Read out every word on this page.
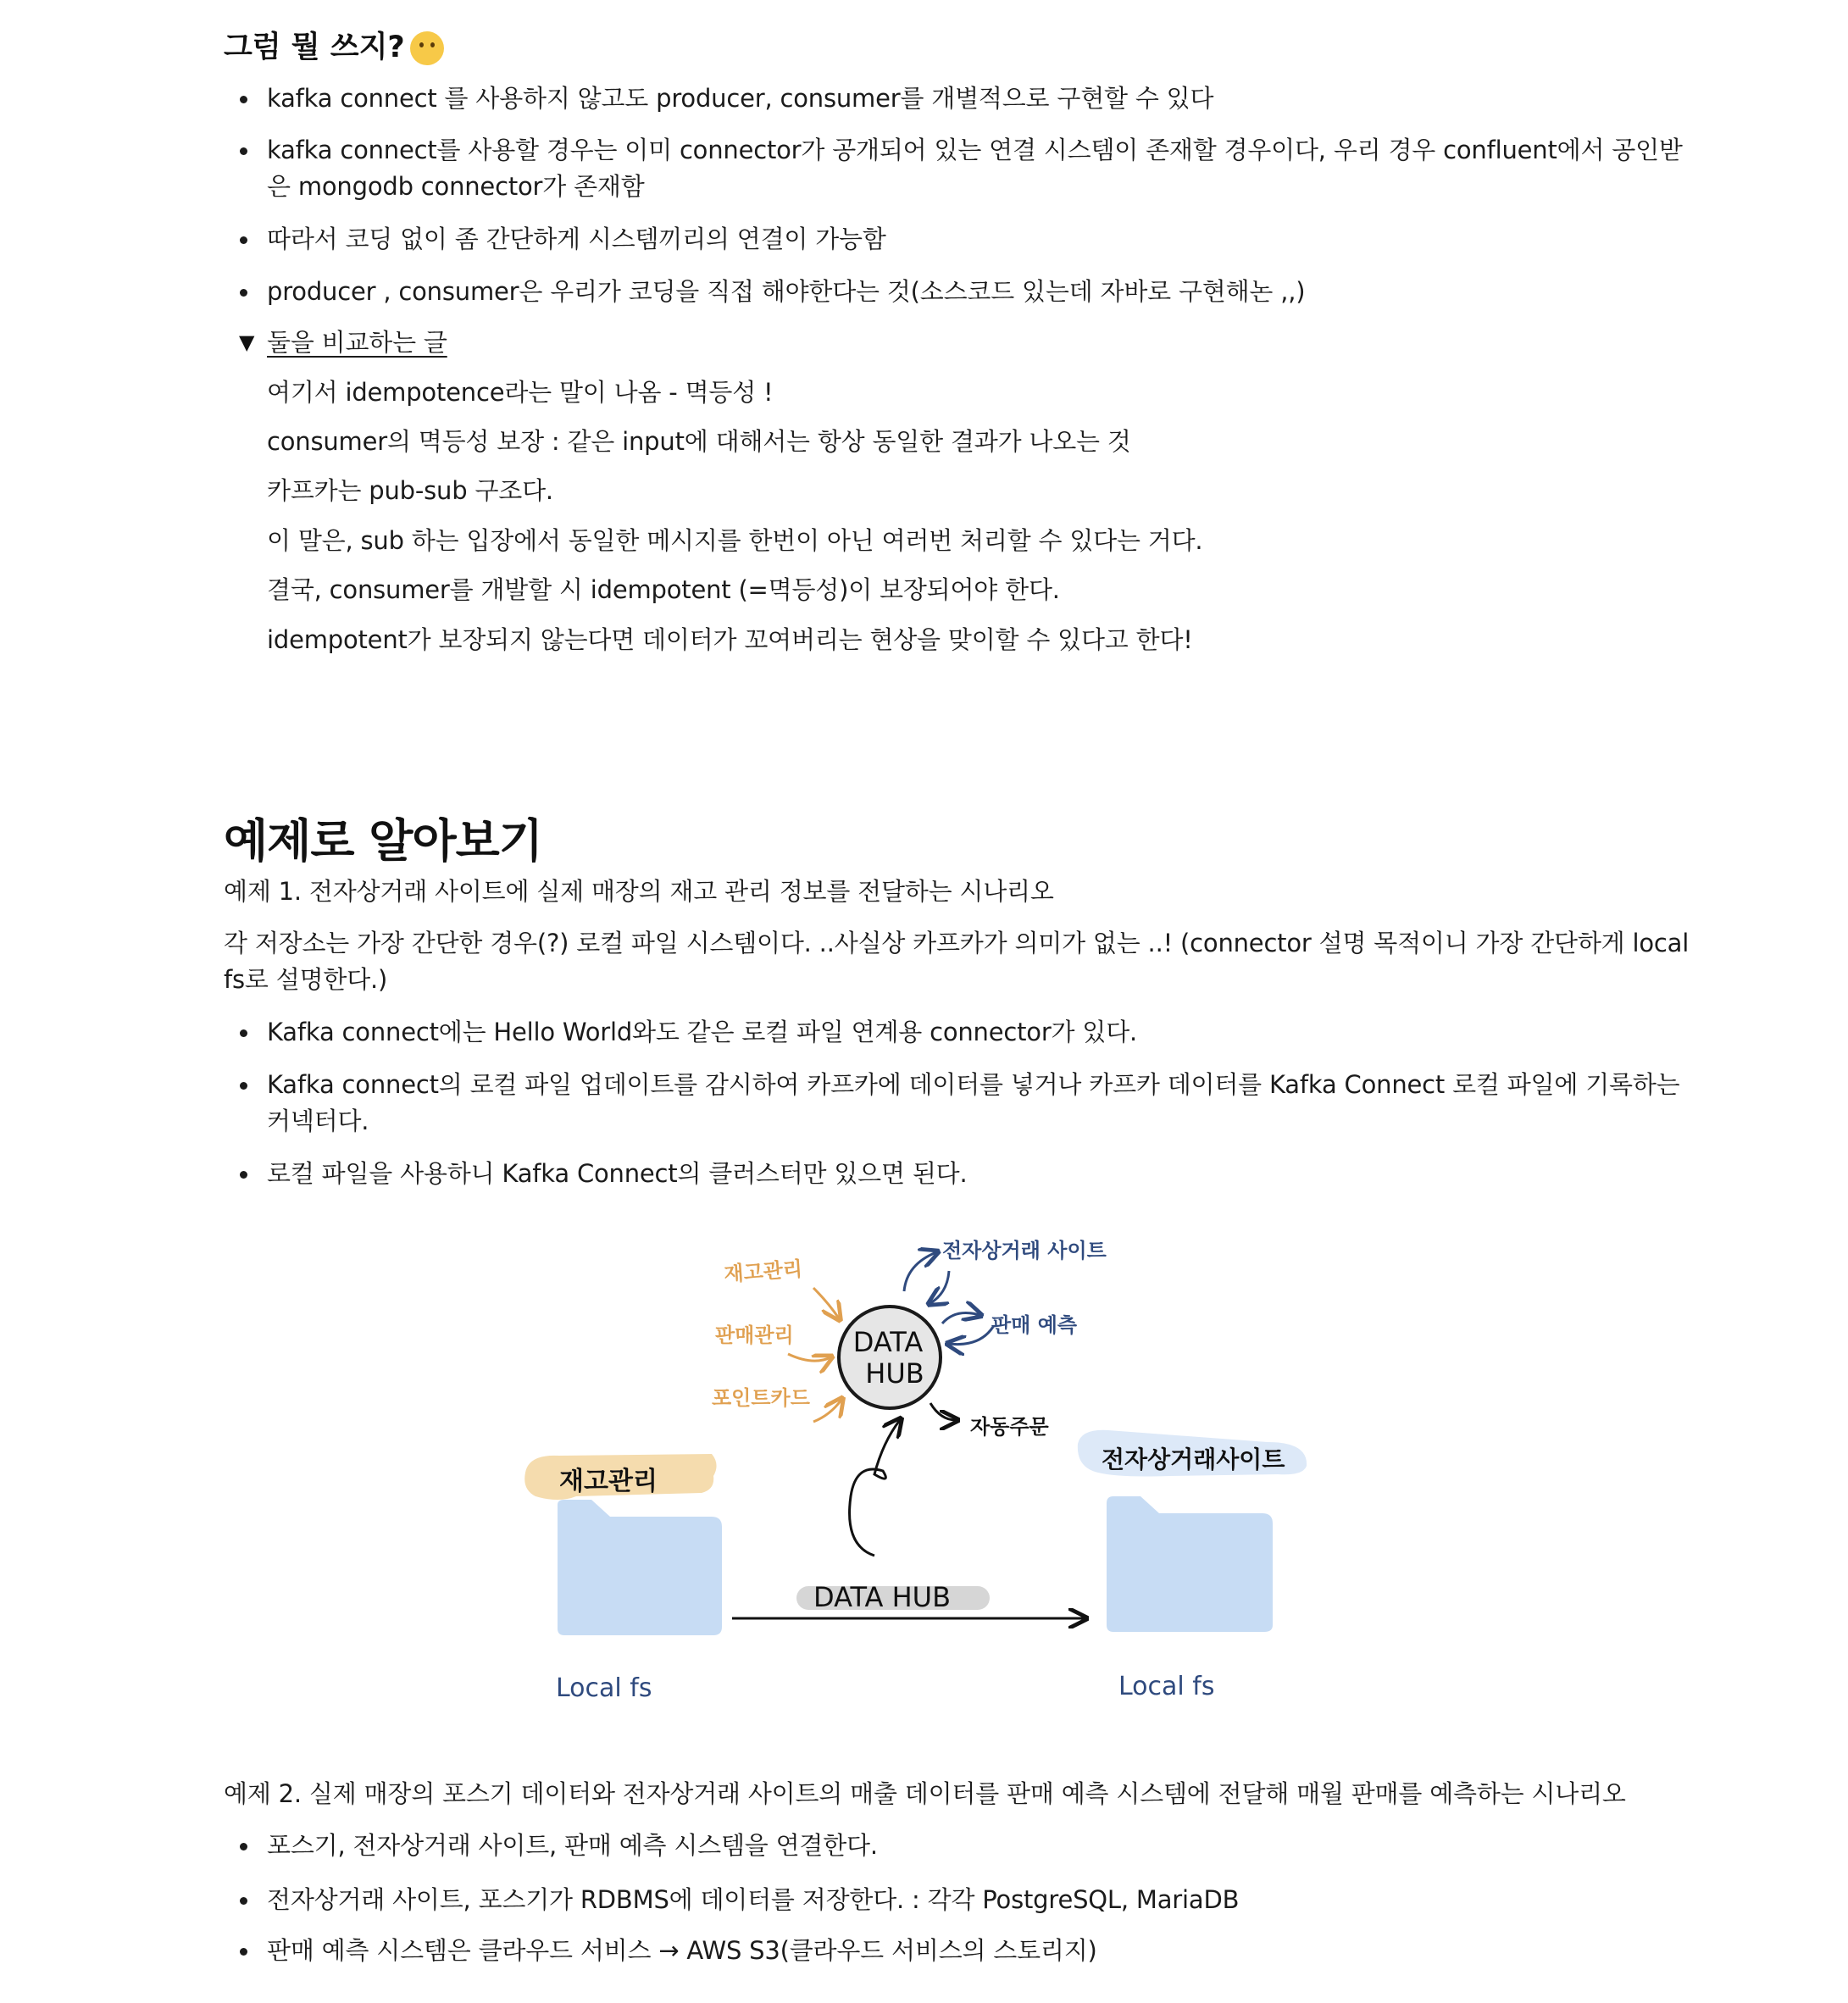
그럼 뭘 쓰지?
kafka connect 를 사용하지 않고도 producer, consumer를 개별적으로 구현할 수 있다
kafka connect를 사용할 경우는 이미 connector가 공개되어 있는 연결 시스템이 존재할 경우이다, 우리 경우 confluent에서 공인받
은 mongodb connector가 존재함
따라서 코딩 없이 좀 간단하게 시스템끼리의 연결이 가능함
producer , consumer은 우리가 코딩을 직접 해야한다는 것(소스코드 있는데 자바로 구현해논 ,,)
▼ 둘을 비교하는 글
여기서 idempotence라는 말이 나옴 - 멱등성 !
consumer의 멱등성 보장 : 같은 input에 대해서는 항상 동일한 결과가 나오는 것
카프카는 pub-sub 구조다.
이 말은, sub 하는 입장에서 동일한 메시지를 한번이 아닌 여러번 처리할 수 있다는 거다.
결국, consumer를 개발할 시 idempotent (=멱등성)이 보장되어야 한다.
idempotent가 보장되지 않는다면 데이터가 꼬여버리는 현상을 맞이할 수 있다고 한다!
예제로 알아보기
예제 1. 전자상거래 사이트에 실제 매장의 재고 관리 정보를 전달하는 시나리오
각 저장소는 가장 간단한 경우(?) 로컬 파일 시스템이다. ..사실상 카프카가 의미가 없는 ..! (connector 설명 목적이니 가장 간단하게 local
fs로 설명한다.)
Kafka connect에는 Hello World와도 같은 로컬 파일 연계용 connector가 있다.
Kafka connect의 로컬 파일 업데이트를 감시하여 카프카에 데이터를 넣거나 카프카 데이터를 Kafka Connect 로컬 파일에 기록하는
커넥터다.
로컬 파일을 사용하니 Kafka Connect의 클러스터만 있으면 된다.
예제 2. 실제 매장의 포스기 데이터와 전자상거래 사이트의 매출 데이터를 판매 예측 시스템에 전달해 매월 판매를 예측하는 시나리오
포스기, 전자상거래 사이트, 판매 예측 시스템을 연결한다.
전자상거래 사이트, 포스기가 RDBMS에 데이터를 저장한다. : 각각 PostgreSQL, MariaDB
판매 예측 시스템은 클라우드 서비스 → AWS S3(클라우드 서비스의 스토리지)
DATA
HUB
재고관리
판매관리
포인트카드
전자상거래 사이트
판매 예측
자동주문
재고관리
Local fs
DATA HUB
전자상거래사이트
Local fs
